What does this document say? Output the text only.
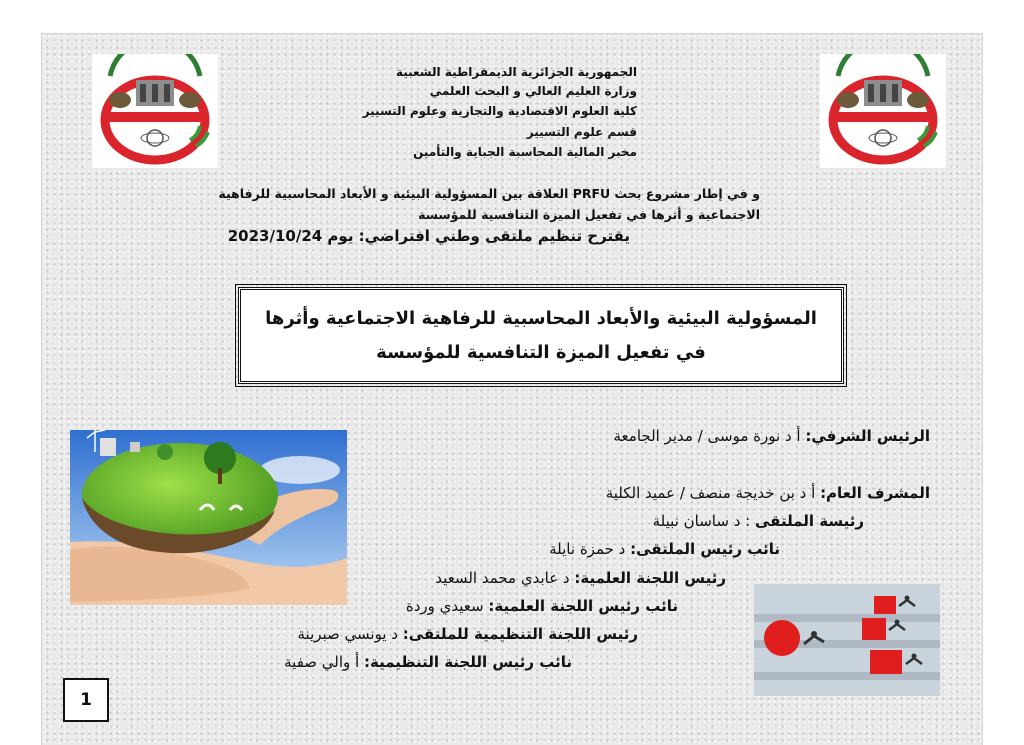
الجمهورية الجزائرية الديمقراطية الشعبية
وزارة العليم العالي و البحث العلمي
كلية العلوم الاقتصادية والتجارية وعلوم التسيير
قسم علوم التسيير
مخبر المالية المحاسبة الجباية والتأمين
و في إطار مشروع بحث PRFU العلاقة بين المسؤولية البيئية و الأبعاد المحاسبية للرفاهية
الاجتماعية و أثرها في تفعيل الميزة التنافسية للمؤسسة
يقترح تنظيم ملتقى وطني افتراضي: يوم 2023/10/24
المسؤولية البيئية والأبعاد المحاسبية للرفاهية الاجتماعية وأثرها في تفعيل الميزة التنافسية للمؤسسة
الرئيس الشرفي: أ د نورة موسى / مدير الجامعة
المشرف العام: أ د بن خديجة منصف / عميد الكلية
رئيسة الملتقى : د ساسان نبيلة
نائب رئيس الملتقى: د حمزة نايلة
رئيس اللجنة العلمية: د عابدي محمد السعيد
نائب رئيس اللجنة العلمية: سعيدي وردة
رئيس اللجنة التنظيمية للملتقى: د يونسي صبرينة
نائب رئيس اللجنة التنظيمية: أ والي صفية
1
